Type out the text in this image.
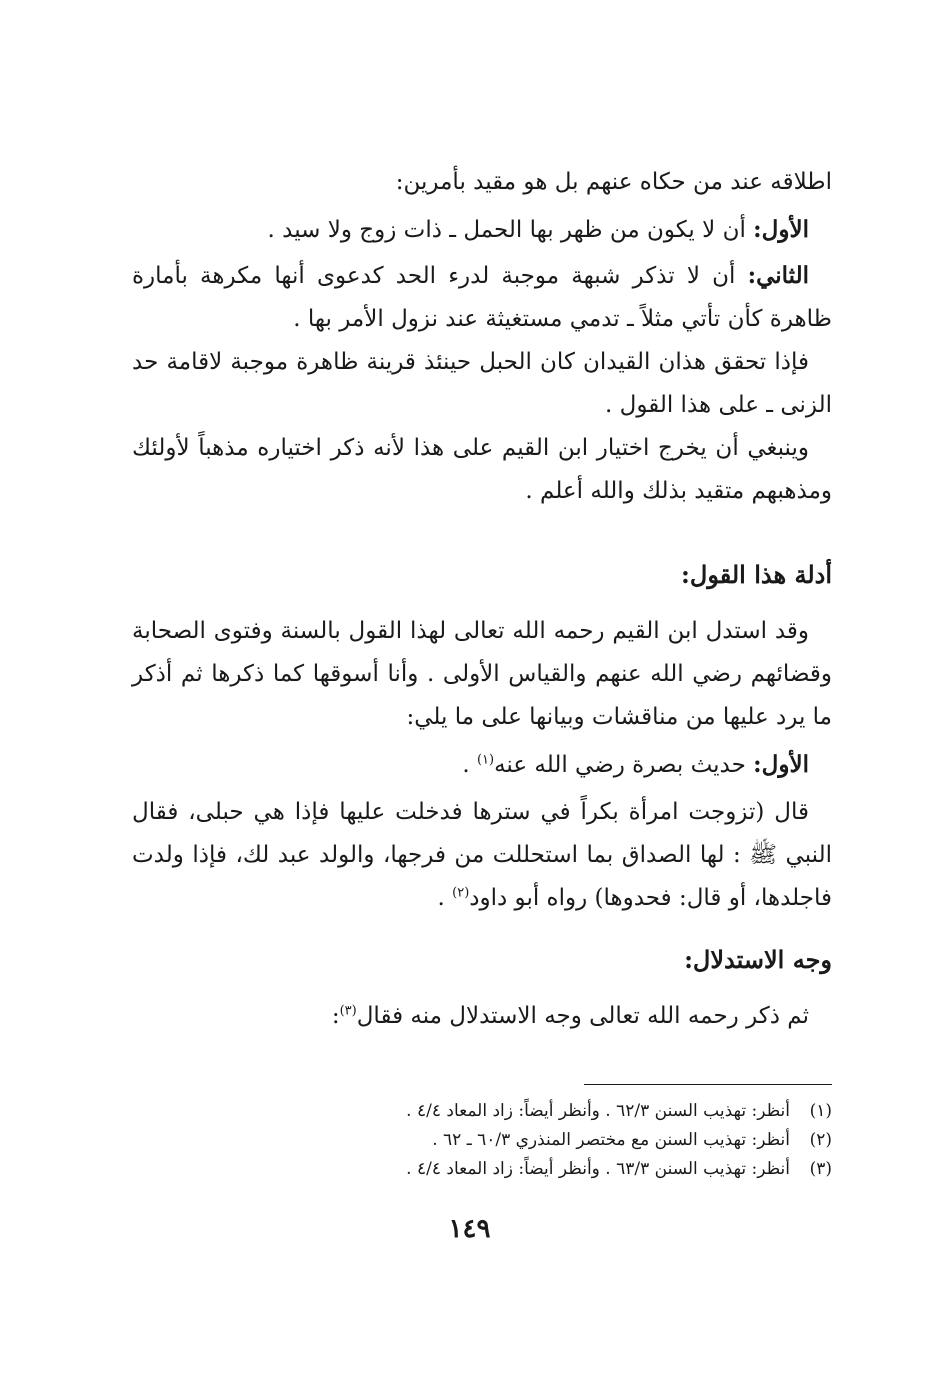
اطلاقه عند من حكاه عنهم بل هو مقيد بأمرين:

الأول: أن لا يكون من ظهر بها الحمل ـ ذات زوج ولا سيد .

الثاني: أن لا تذكر شبهة موجبة لدرء الحد كدعوى أنها مكرهة بأمارة ظاهرة كأن تأتي مثلاً ـ تدمي مستغيثة عند نزول الأمر بها .

فإذا تحقق هذان القيدان كان الحبل حينئذ قرينة ظاهرة موجبة لاقامة حد الزنى ـ على هذا القول .

وينبغي أن يخرج اختيار ابن القيم على هذا لأنه ذكر اختياره مذهباً لأولئك ومذهبهم متقيد بذلك والله أعلم .

أدلة هذا القول:

وقد استدل ابن القيم رحمه الله تعالى لهذا القول بالسنة وفتوى الصحابة وقضائهم رضي الله عنهم والقياس الأولى . وأنا أسوقها كما ذكرها ثم أذكر ما يرد عليها من مناقشات وبيانها على ما يلي:

الأول: حديث بصرة رضي الله عنه$^{(١)}$ .

قال (تزوجت امرأة بكراً في سترها فدخلت عليها فإذا هي حبلى، فقال النبي ﷺ : لها الصداق بما استحللت من فرجها، والولد عبد لك، فإذا ولدت فاجلدها، أو قال: فحدوها) رواه أبو داود$^{(٢)}$ .

وجه الاستدلال:

ثم ذكر رحمه الله تعالى وجه الاستدلال منه فقال$^{(٣)}$:

(١)أنظر: تهذيب السنن ٦٢/٣ . وأنظر أيضاً: زاد المعاد ٤/٤ .
(٢)أنظر: تهذيب السنن مع مختصر المنذري ٦٠/٣ ـ ٦٢ .
(٣)أنظر: تهذيب السنن ٦٣/٣ . وأنظر أيضاً: زاد المعاد ٤/٤ .
١٤٩
